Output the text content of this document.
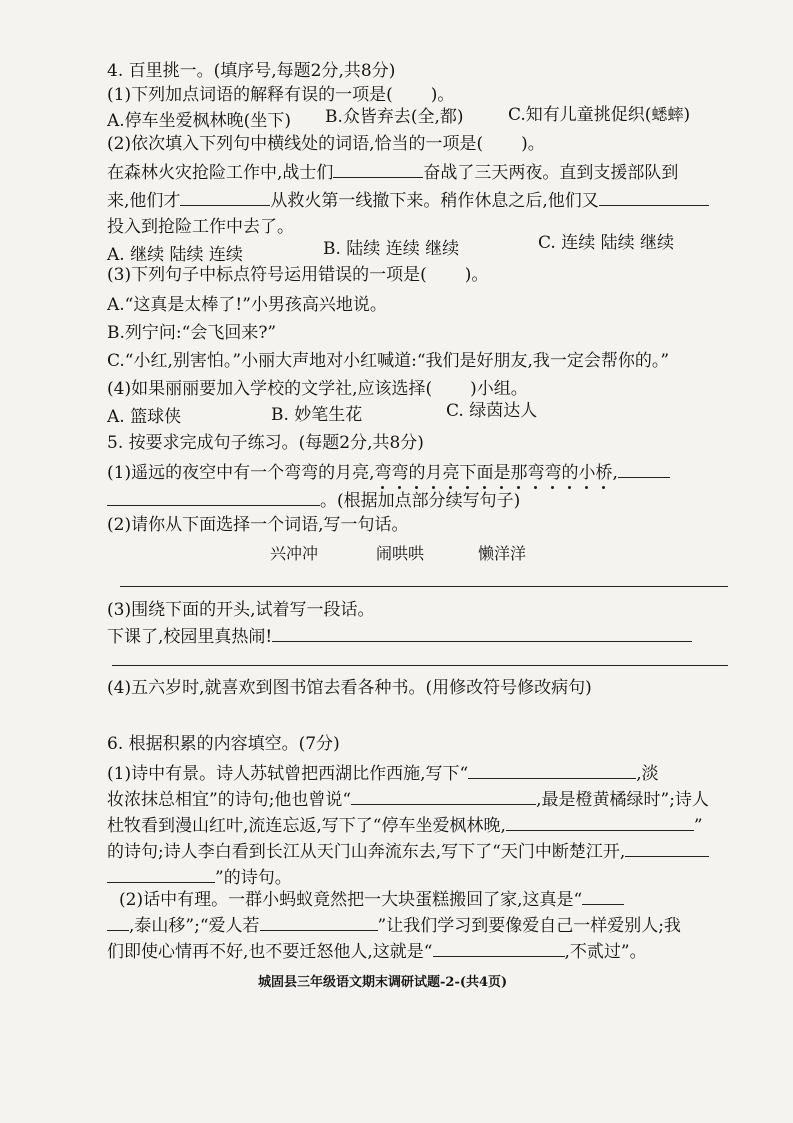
4. 百里挑一。(填序号,每题2分,共8分)
(1)下列加点词语的解释有误的一项是( )。
A.停车坐爱枫林晚(坐下) B.众皆弃去(全,都)	C.知有儿童挑促织(蟋蟀)
(2)依次填入下列句中横线处的词语,恰当的一项是( )。
在森林火灾抢险工作中,战士们	奋战了三天两夜。直到支援部队到
来,他们才	从救火第一线撤下来。稍作休息之后,他们又
投入到抢险工作中去了。
A. 继续 陆续 连续	B. 陆续 连续 继续	C. 连续 陆续 继续
(3)下列句子中标点符号运用错误的一项是( )。
A.“这真是太棒了!”小男孩高兴地说。
B.列宁问:“会飞回来?”
C.“小红,别害怕。”小丽大声地对小红喊道:“我们是好朋友,我一定会帮你的。”
(4)如果丽丽要加入学校的文学社,应该选择( )小组。
A. 篮球侠	B. 妙笔生花	C. 绿茵达人
5. 按要求完成句子练习。(每题2分,共8分)
(1)遥远的夜空中有一个弯弯的月亮,弯弯的月亮下面是那弯弯的小桥,
。(根据加点部分续写句子)
(2)请你从下面选择一个词语,写一句话。
兴冲冲	闹哄哄	懒洋洋
(3)围绕下面的开头,试着写一段话。
下课了,校园里真热闹!
(4)五六岁时,就喜欢到图书馆去看各种书。(用修改符号修改病句)
6. 根据积累的内容填空。(7分)
(1)诗中有景。诗人苏轼曾把西湖比作西施,写下“	,淡
妆浓抹总相宜”的诗句;他也曾说“	,最是橙黄橘绿时”;诗人
杜牧看到漫山红叶,流连忘返,写下了“停车坐爱枫林晚,	”
的诗句;诗人李白看到长江从天门山奔流东去,写下了“天门中断楚江开,
”的诗句。
(2)话中有理。一群小蚂蚁竟然把一大块蛋糕搬回了家,这真是“
,泰山移”;“爱人若	”让我们学习到要像爱自己一样爱别人;我
们即使心情再不好,也不要迁怒他人,这就是“	,不贰过”。
城固县三年级语文期末调研试题-2-(共4页)
